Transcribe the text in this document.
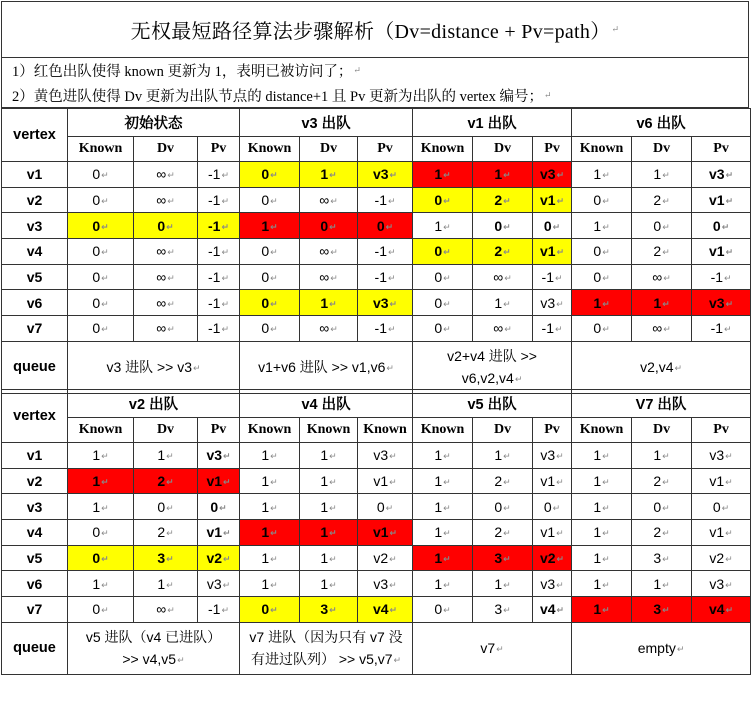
无权最短路径算法步骤解析（Dv=distance + Pv=path） ↵
1）红色出队使得 known 更新为 1，表明已被访问了； ↵
2）黄色进队使得 Dv 更新为出队节点的 distance+1 且 Pv 更新为出队的 vertex 编号； ↵
vertex	初始状态			v3 出队			v1 出队			v6 出队		
	Known	Dv	Pv	Known	Dv	Pv	Known	Dv	Pv	Known	Dv	Pv
v1	0↵	∞↵	-1↵	0↵	1↵	v3↵	1↵	1↵	v3↵	1↵	1↵	v3↵
v2	0↵	∞↵	-1↵	0↵	∞↵	-1↵	0↵	2↵	v1↵	0↵	2↵	v1↵
v3	0↵	0↵	-1↵	1↵	0↵	0↵	1↵	0↵	0↵	1↵	0↵	0↵
v4	0↵	∞↵	-1↵	0↵	∞↵	-1↵	0↵	2↵	v1↵	0↵	2↵	v1↵
v5	0↵	∞↵	-1↵	0↵	∞↵	-1↵	0↵	∞↵	-1↵	0↵	∞↵	-1↵
v6	0↵	∞↵	-1↵	0↵	1↵	v3↵	0↵	1↵	v3↵	1↵	1↵	v3↵
v7	0↵	∞↵	-1↵	0↵	∞↵	-1↵	0↵	∞↵	-1↵	0↵	∞↵	-1↵
queue	v3 进队 >> v3↵			v1+v6 进队 >> v1,v6↵			v2+v4 进队 >> v6,v2,v4↵			v2,v4↵		
vertex	v2 出队			v4 出队			v5 出队			V7 出队		
	Known	Dv	Pv	Known	Known	Known	Known	Dv	Pv	Known	Dv	Pv
v1	1↵	1↵	v3↵	1↵	1↵	v3↵	1↵	1↵	v3↵	1↵	1↵	v3↵
v2	1↵	2↵	v1↵	1↵	1↵	v1↵	1↵	2↵	v1↵	1↵	2↵	v1↵
v3	1↵	0↵	0↵	1↵	1↵	0↵	1↵	0↵	0↵	1↵	0↵	0↵
v4	0↵	2↵	v1↵	1↵	1↵	v1↵	1↵	2↵	v1↵	1↵	2↵	v1↵
v5	0↵	3↵	v2↵	1↵	1↵	v2↵	1↵	3↵	v2↵	1↵	3↵	v2↵
v6	1↵	1↵	v3↵	1↵	1↵	v3↵	1↵	1↵	v3↵	1↵	1↵	v3↵
v7	0↵	∞↵	-1↵	0↵	3↵	v4↵	0↵	3↵	v4↵	1↵	3↵	v4↵
queue	v5 进队（v4 已进队） >> v4,v5↵			v7 进队（因为只有 v7 没有进过队列） >> v5,v7↵			v7↵			empty↵		
